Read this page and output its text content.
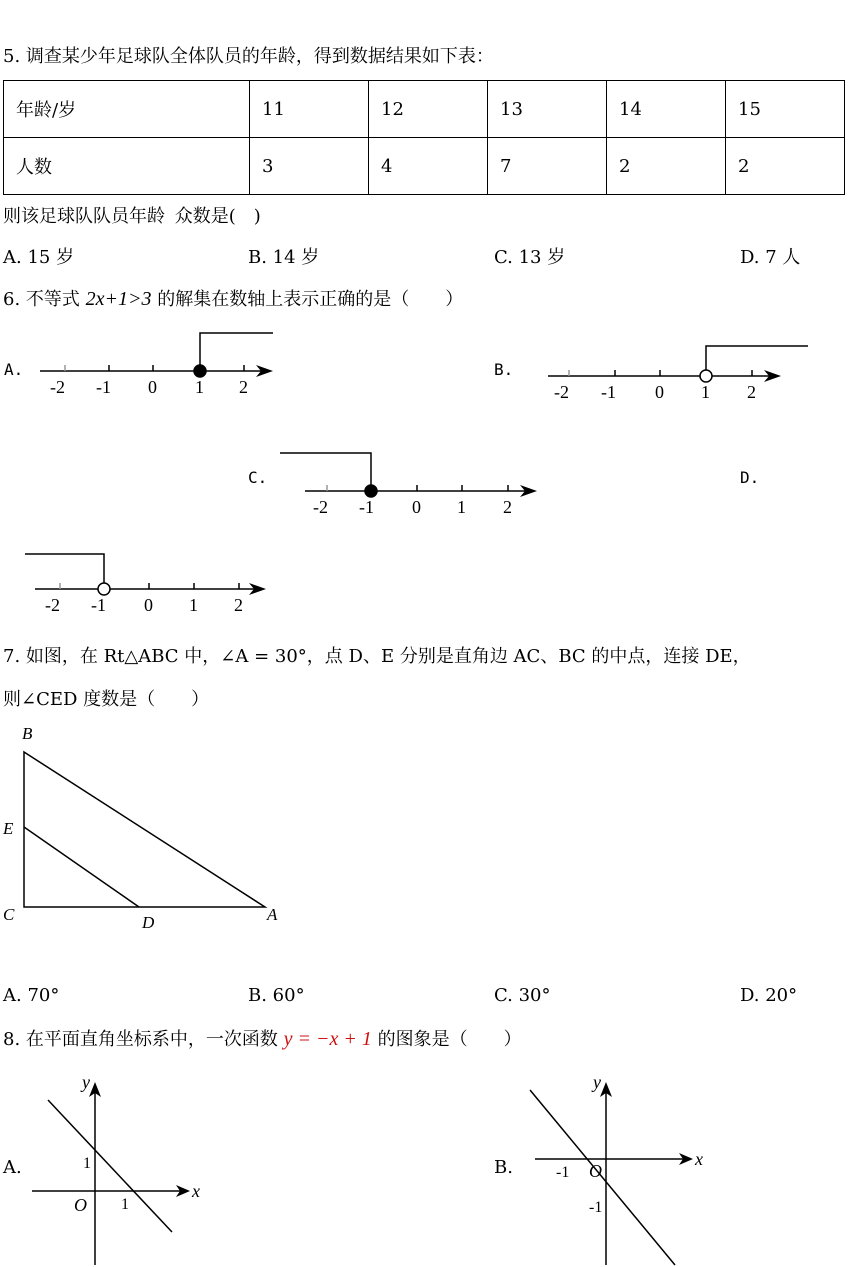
5. 调查某少年足球队全体队员的年龄，得到数据结果如下表：
年龄/岁	11	12	13	14	15
人数	3	4	7	2	2
则该足球队队员年龄  众数是(　)
A. 15 岁	B. 14 岁	C. 13 岁	D. 7 人
6. 不等式 2x+1>3 的解集在数轴上表示正确的是（　　）
A.	B.
C.	D.
-2 -1 0 1 2	-2 -1 0 1 2
-2 -1 0 1 2
-2 -1 0 1 2
7. 如图，在 Rt△ABC 中，∠A = 30°，点 D、E 分别是直角边 AC、BC 的中点，连接 DE，
则∠CED 度数是（　　）
B
E
C	D	A
A. 70°	B. 60°	C. 30°	D. 20°
8. 在平面直角坐标系中，一次函数 y = −x + 1 的图象是（　　）
A.	B.
y
x
O
1
1
y
x
O
-1
-1
